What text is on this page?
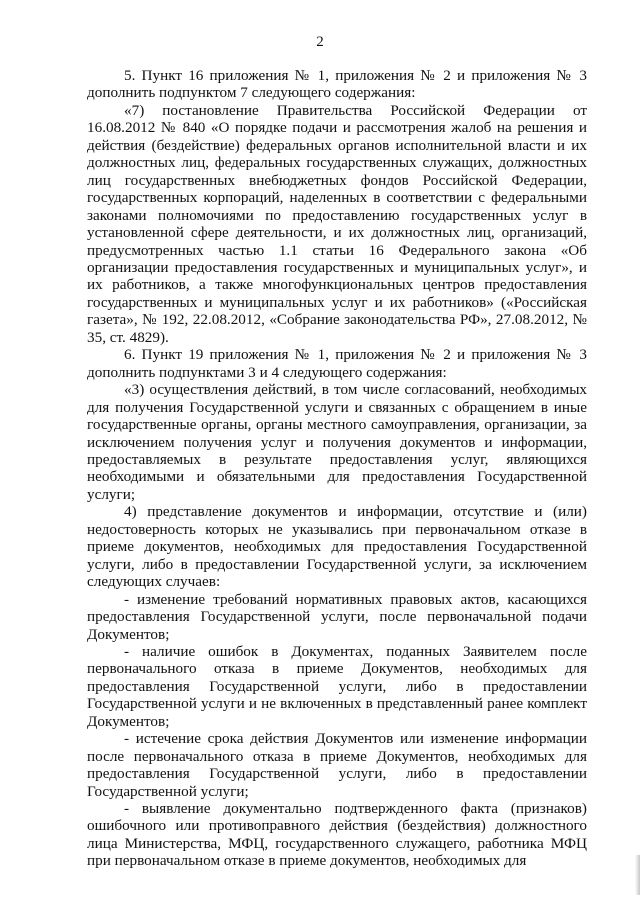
2

5. Пункт 16 приложения № 1, приложения № 2 и приложения № 3 дополнить подпунктом 7 следующего содержания:

«7) постановление Правительства Российской Федерации от 16.08.2012 № 840 «О порядке подачи и рассмотрения жалоб на решения и действия (бездействие) федеральных органов исполнительной власти и их должностных лиц, федеральных государственных служащих, должностных лиц государственных внебюджетных фондов Российской Федерации, государственных корпораций, наделенных в соответствии с федеральными законами полномочиями по предоставлению государственных услуг в установленной сфере деятельности, и их должностных лиц, организаций, предусмотренных частью 1.1 статьи 16 Федерального закона «Об организации предоставления государственных и муниципальных услуг», и их работников, а также многофункциональных центров предоставления государственных и муниципальных услуг и их работников» («Российская газета», № 192, 22.08.2012, «Собрание законодательства РФ», 27.08.2012, № 35, ст. 4829).

6. Пункт 19 приложения № 1, приложения № 2 и приложения № 3 дополнить подпунктами 3 и 4 следующего содержания:

«3) осуществления действий, в том числе согласований, необходимых для получения Государственной услуги и связанных с обращением в иные государственные органы, органы местного самоуправления, организации, за исключением получения услуг и получения документов и информации, предоставляемых в результате предоставления услуг, являющихся необходимыми и обязательными для предоставления Государственной услуги;

4) представление документов и информации, отсутствие и (или) недостоверность которых не указывались при первоначальном отказе в приеме документов, необходимых для предоставления Государственной услуги, либо в предоставлении Государственной услуги, за исключением следующих случаев:

- изменение требований нормативных правовых актов, касающихся предоставления Государственной услуги, после первоначальной подачи Документов;

- наличие ошибок в Документах, поданных Заявителем после первоначального отказа в приеме Документов, необходимых для предоставления Государственной услуги, либо в предоставлении Государственной услуги и не включенных в представленный ранее комплект Документов;

- истечение срока действия Документов или изменение информации после первоначального отказа в приеме Документов, необходимых для предоставления Государственной услуги, либо в предоставлении Государственной услуги;

- выявление документально подтвержденного факта (признаков) ошибочного или противоправного действия (бездействия) должностного лица Министерства, МФЦ, государственного служащего, работника МФЦ при первоначальном отказе в приеме документов, необходимых для
